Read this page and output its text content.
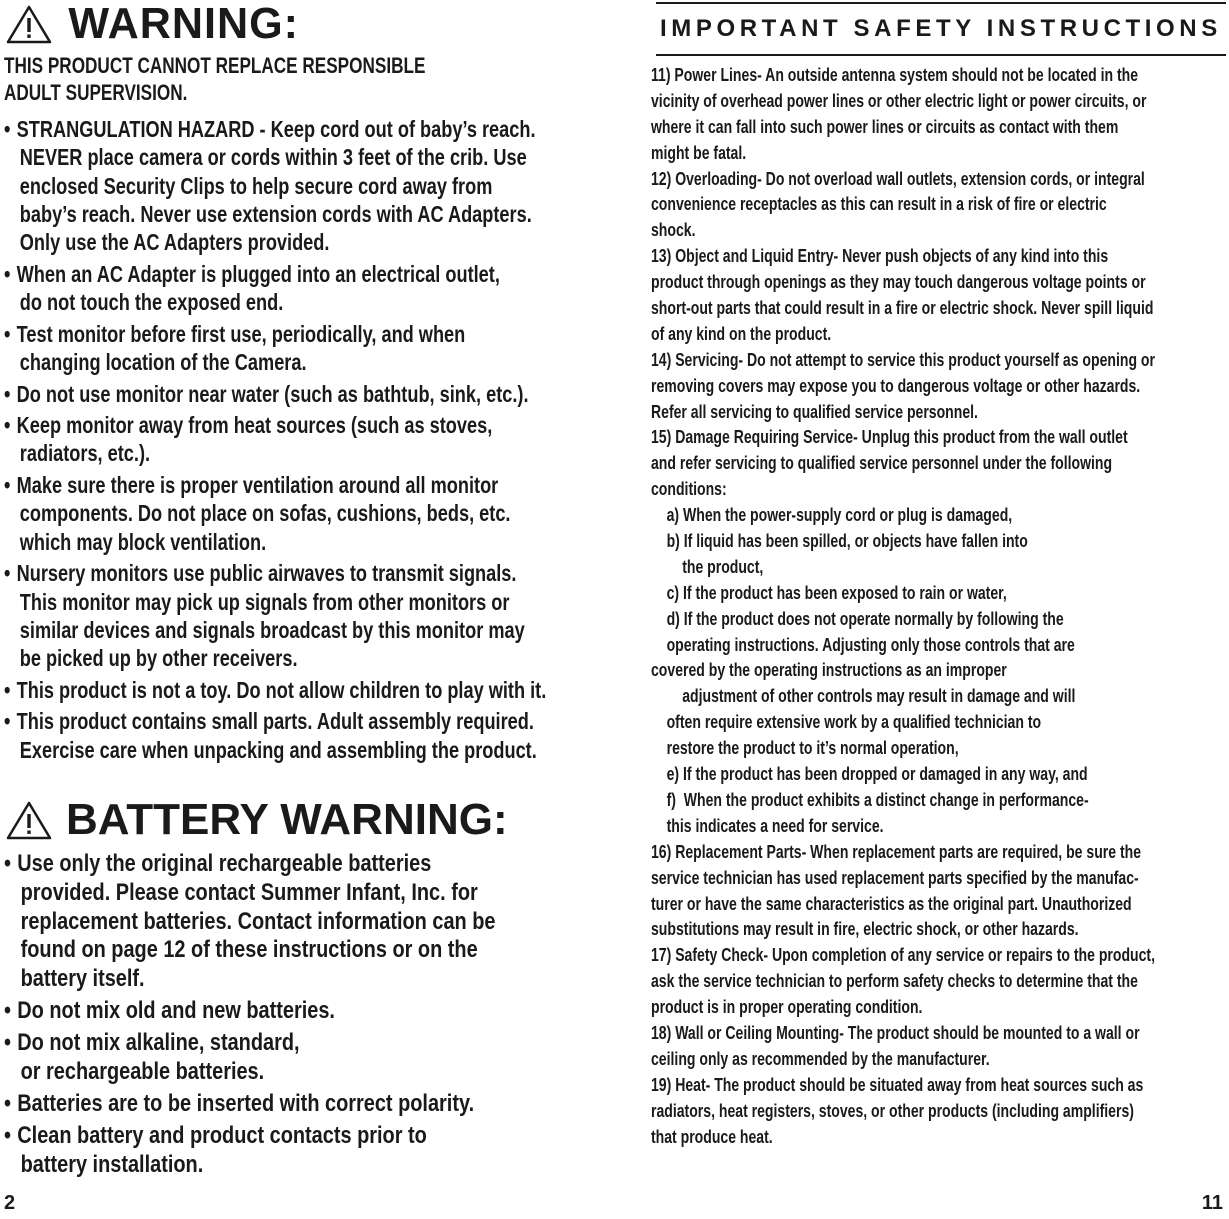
WARNING:
THIS PRODUCT CANNOT REPLACE RESPONSIBLE
ADULT SUPERVISION.
• STRANGULATION HAZARD - Keep cord out of baby’s reach.
NEVER place camera or cords within 3 feet of the crib. Use
enclosed Security Clips to help secure cord away from
baby’s reach. Never use extension cords with AC Adapters.
Only use the AC Adapters provided.
• When an AC Adapter is plugged into an electrical outlet,
do not touch the exposed end.
• Test monitor before first use, periodically, and when
changing location of the Camera.
• Do not use monitor near water (such as bathtub, sink, etc.).
• Keep monitor away from heat sources (such as stoves,
radiators, etc.).
• Make sure there is proper ventilation around all monitor
components. Do not place on sofas, cushions, beds, etc.
which may block ventilation.
• Nursery monitors use public airwaves to transmit signals.
This monitor may pick up signals from other monitors or
similar devices and signals broadcast by this monitor may
be picked up by other receivers.
• This product is not a toy. Do not allow children to play with it.
• This product contains small parts. Adult assembly required.
Exercise care when unpacking and assembling the product.
BATTERY WARNING:
• Use only the original rechargeable batteries
provided. Please contact Summer Infant, Inc. for
replacement batteries. Contact information can be
found on page 12 of these instructions or on the
battery itself.
• Do not mix old and new batteries.
• Do not mix alkaline, standard,
or rechargeable batteries.
• Batteries are to be inserted with correct polarity.
• Clean battery and product contacts prior to
battery installation.
2
IMPORTANT SAFETY INSTRUCTIONS
11) Power Lines- An outside antenna system should not be located in the
vicinity of overhead power lines or other electric light or power circuits, or
where it can fall into such power lines or circuits as contact with them
might be fatal.
12) Overloading- Do not overload wall outlets, extension cords, or integral
convenience receptacles as this can result in a risk of fire or electric
shock.
13) Object and Liquid Entry- Never push objects of any kind into this
product through openings as they may touch dangerous voltage points or
short-out parts that could result in a fire or electric shock. Never spill liquid
of any kind on the product.
14) Servicing- Do not attempt to service this product yourself as opening or
removing covers may expose you to dangerous voltage or other hazards.
Refer all servicing to qualified service personnel.
15) Damage Requiring Service- Unplug this product from the wall outlet
and refer servicing to qualified service personnel under the following
conditions:
a) When the power-supply cord or plug is damaged,
b) If liquid has been spilled, or objects have fallen into
the product,
c) If the product has been exposed to rain or water,
d) If the product does not operate normally by following the
operating instructions. Adjusting only those controls that are
covered by the operating instructions as an improper
adjustment of other controls may result in damage and will
often require extensive work by a qualified technician to
restore the product to it’s normal operation,
e) If the product has been dropped or damaged in any way, and
f)  When the product exhibits a distinct change in performance-
this indicates a need for service.
16) Replacement Parts- When replacement parts are required, be sure the
service technician has used replacement parts specified by the manufac-
turer or have the same characteristics as the original part. Unauthorized
substitutions may result in fire, electric shock, or other hazards.
17) Safety Check- Upon completion of any service or repairs to the product,
ask the service technician to perform safety checks to determine that the
product is in proper operating condition.
18) Wall or Ceiling Mounting- The product should be mounted to a wall or
ceiling only as recommended by the manufacturer.
19) Heat- The product should be situated away from heat sources such as
radiators, heat registers, stoves, or other products (including amplifiers)
that produce heat.
11
